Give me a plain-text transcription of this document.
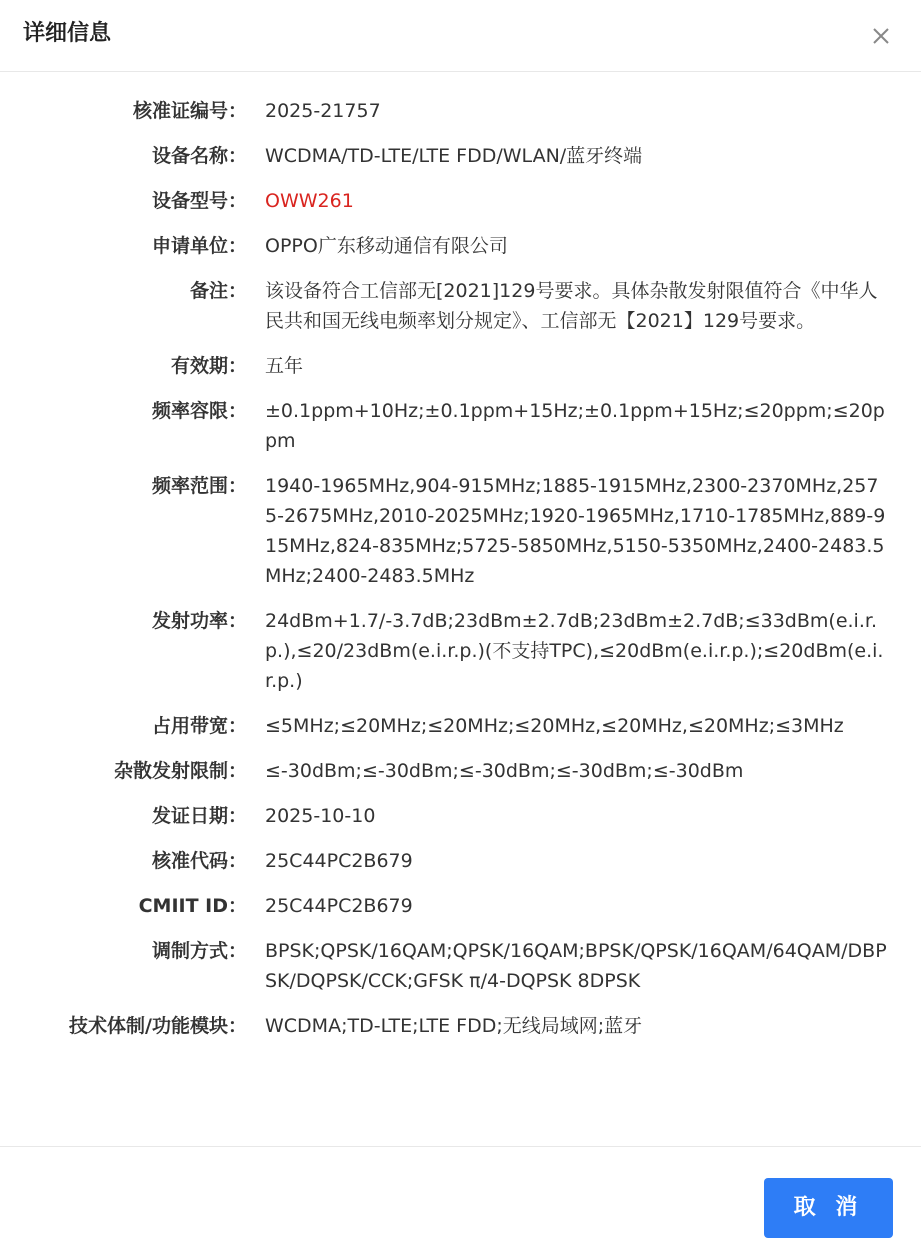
详细信息
核准证编号 ： 2025-21757
设备名称 ： WCDMA/TD-LTE/LTE FDD/WLAN/蓝牙终端
设备型号 ： OWW261
申请单位 ： OPPO广东移动通信有限公司
备注 ： 该设备符合工信部无[2021]129号要求。具体杂散发射限值符合《中华人民共和国无线电频率划分规定》、工信部无【2021】129号要求。
有效期 ： 五年
频率容限 ： ±0.1ppm+10Hz;±0.1ppm+15Hz;±0.1ppm+15Hz;≤20ppm;≤20ppm
频率范围 ： 1940-1965MHz,904-915MHz;1885-1915MHz,2300-2370MHz,2575-2675MHz,2010-2025MHz;1920-1965MHz,1710-1785MHz,889-915MHz,824-835MHz;5725-5850MHz,5150-5350MHz,2400-2483.5MHz;2400-2483.5MHz
发射功率 ： 24dBm+1.7/-3.7dB;23dBm±2.7dB;23dBm±2.7dB;≤33dBm(e.i.r.p.),≤20/23dBm(e.i.r.p.)(不支持TPC),≤20dBm(e.i.r.p.);≤20dBm(e.i.r.p.)
占用带宽 ： ≤5MHz;≤20MHz;≤20MHz;≤20MHz,≤20MHz,≤20MHz;≤3MHz
杂散发射限制 ： ≤-30dBm;≤-30dBm;≤-30dBm;≤-30dBm;≤-30dBm
发证日期 ： 2025-10-10
核准代码 ： 25C44PC2B679
CMIIT ID ： 25C44PC2B679
调制方式 ： BPSK;QPSK/16QAM;QPSK/16QAM;BPSK/QPSK/16QAM/64QAM/DBPSK/DQPSK/CCK;GFSK π/4-DQPSK 8DPSK
技术体制/功能模块 ： WCDMA;TD-LTE;LTE FDD;无线局域网;蓝牙
取 消
